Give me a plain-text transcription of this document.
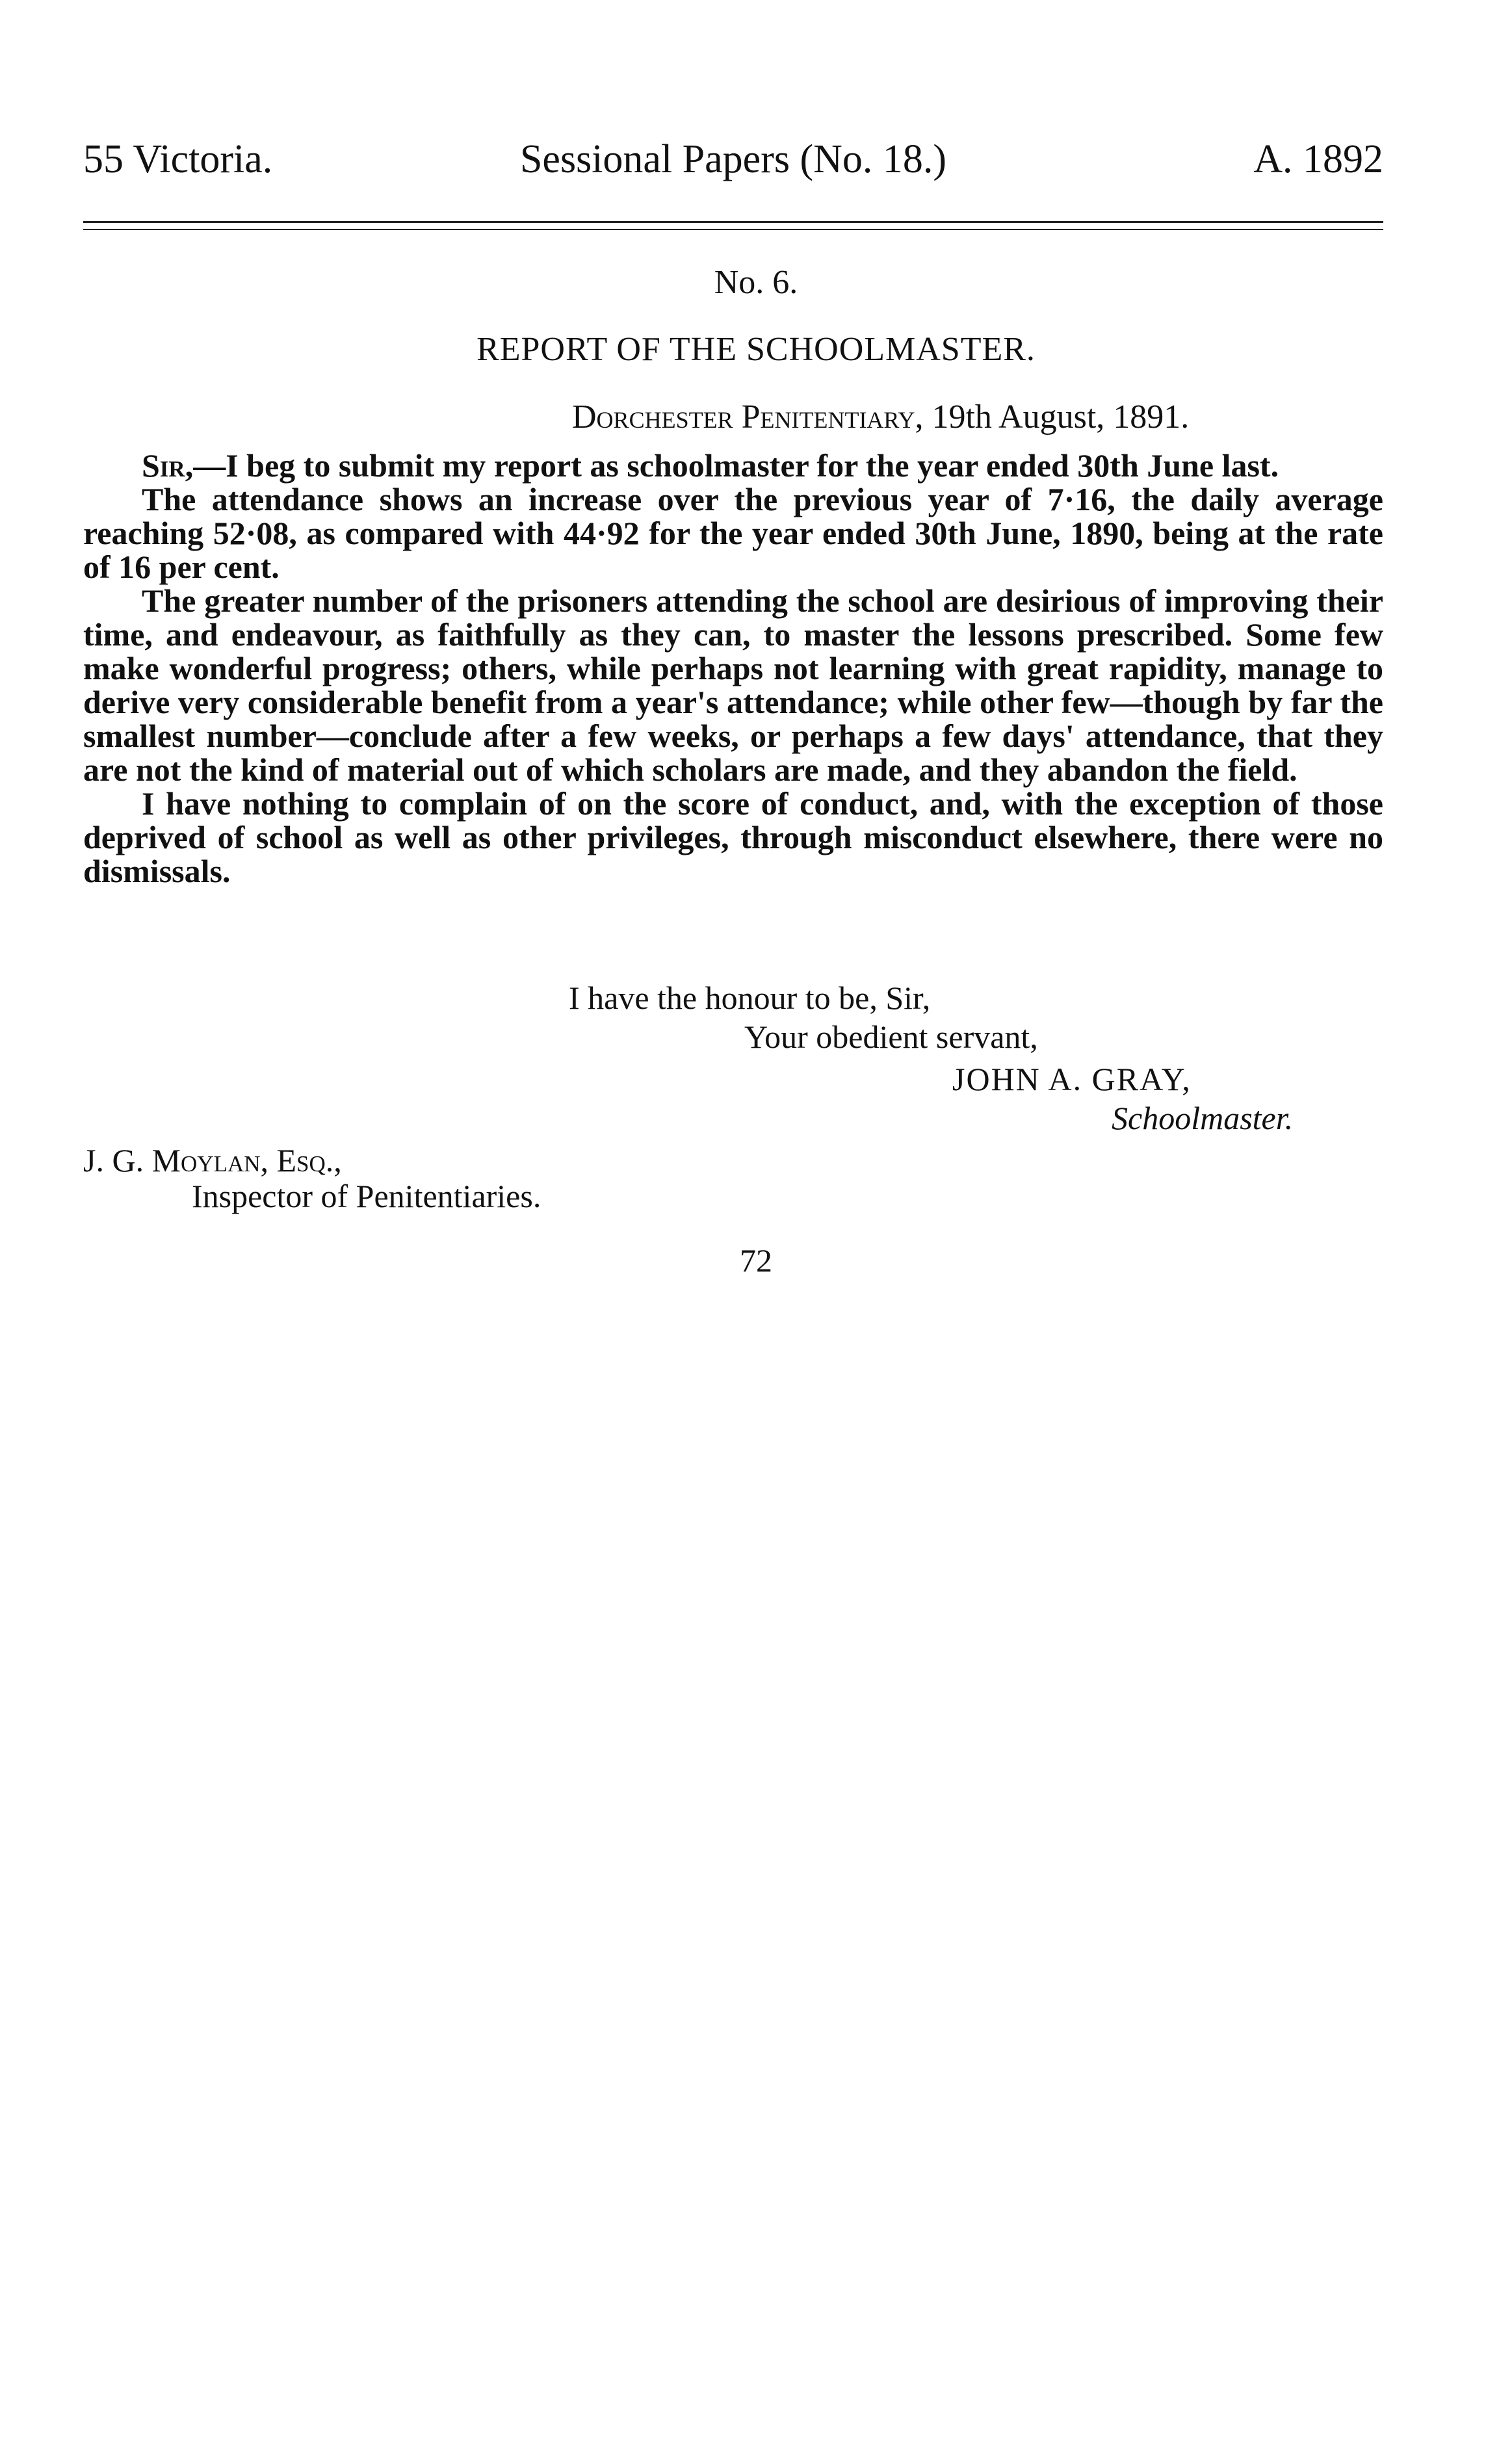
55 Victoria.	Sessional Papers (No. 18.)	A. 1892
No. 6.
REPORT OF THE SCHOOLMASTER.
Dorchester Penitentiary, 19th August, 1891.

Sir,—I beg to submit my report as schoolmaster for the year ended 30th June last.

The attendance shows an increase over the previous year of 7·16, the daily average reaching 52·08, as compared with 44·92 for the year ended 30th June, 1890, being at the rate of 16 per cent.

The greater number of the prisoners attending the school are desirious of improving their time, and endeavour, as faithfully as they can, to master the lessons prescribed. Some few make wonderful progress; others, while perhaps not learning with great rapidity, manage to derive very considerable benefit from a year's attendance; while other few—though by far the smallest number—conclude after a few weeks, or perhaps a few days' attendance, that they are not the kind of material out of which scholars are made, and they abandon the field.

I have nothing to complain of on the score of conduct, and, with the exception of those deprived of school as well as other privileges, through misconduct elsewhere, there were no dismissals.

I have the honour to be, Sir,
Your obedient servant,
JOHN A. GRAY,
Schoolmaster.
J. G. Moylan, Esq.,
Inspector of Penitentiaries.
72
